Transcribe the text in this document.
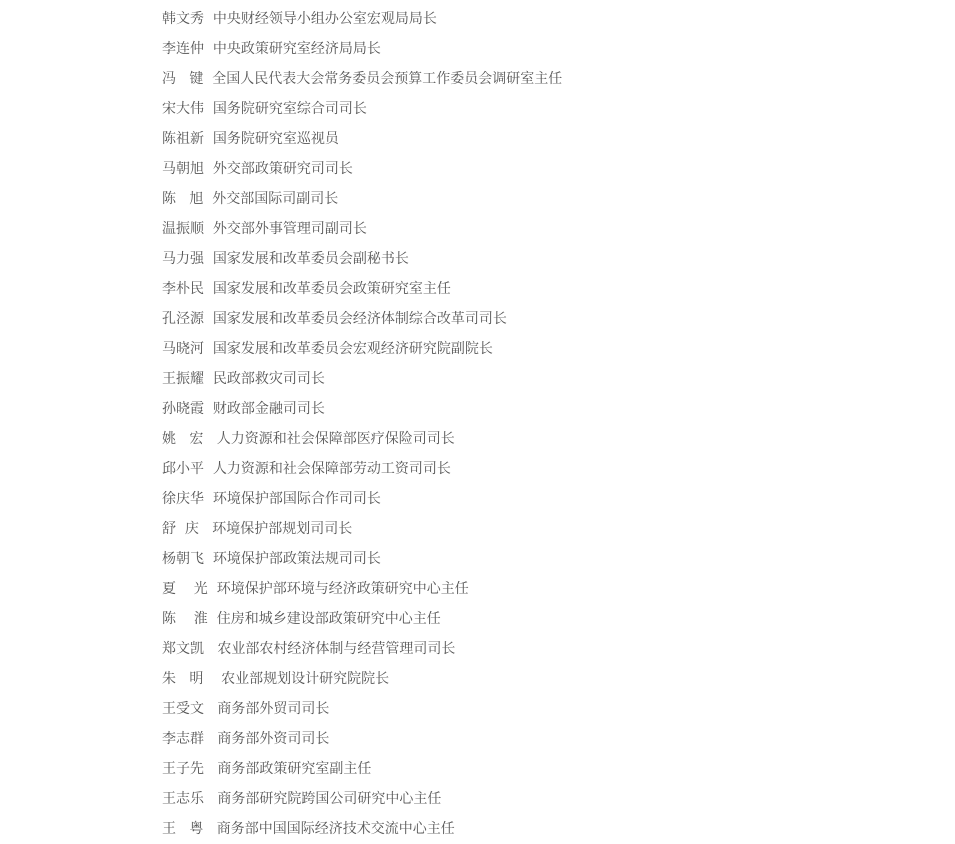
韩文秀  中央财经领导小组办公室宏观局局长
李连仲  中央政策研究室经济局局长
冯   键  全国人民代表大会常务委员会预算工作委员会调研室主任
宋大伟  国务院研究室综合司司长
陈祖新  国务院研究室巡视员
马朝旭  外交部政策研究司司长
陈   旭  外交部国际司副司长
温振顺  外交部外事管理司副司长
马力强  国家发展和改革委员会副秘书长
李朴民  国家发展和改革委员会政策研究室主任
孔泾源  国家发展和改革委员会经济体制综合改革司司长
马晓河  国家发展和改革委员会宏观经济研究院副院长
王振耀  民政部救灾司司长
孙晓霞  财政部金融司司长
姚   宏   人力资源和社会保障部医疗保险司司长
邱小平  人力资源和社会保障部劳动工资司司长
徐庆华  环境保护部国际合作司司长
舒  庆   环境保护部规划司司长
杨朝飞  环境保护部政策法规司司长
夏    光  环境保护部环境与经济政策研究中心主任
陈    淮  住房和城乡建设部政策研究中心主任
郑文凯   农业部农村经济体制与经营管理司司长
朱   明    农业部规划设计研究院院长
王受文   商务部外贸司司长
李志群   商务部外资司司长
王子先   商务部政策研究室副主任
王志乐   商务部研究院跨国公司研究中心主任
王   粤   商务部中国国际经济技术交流中心主任
